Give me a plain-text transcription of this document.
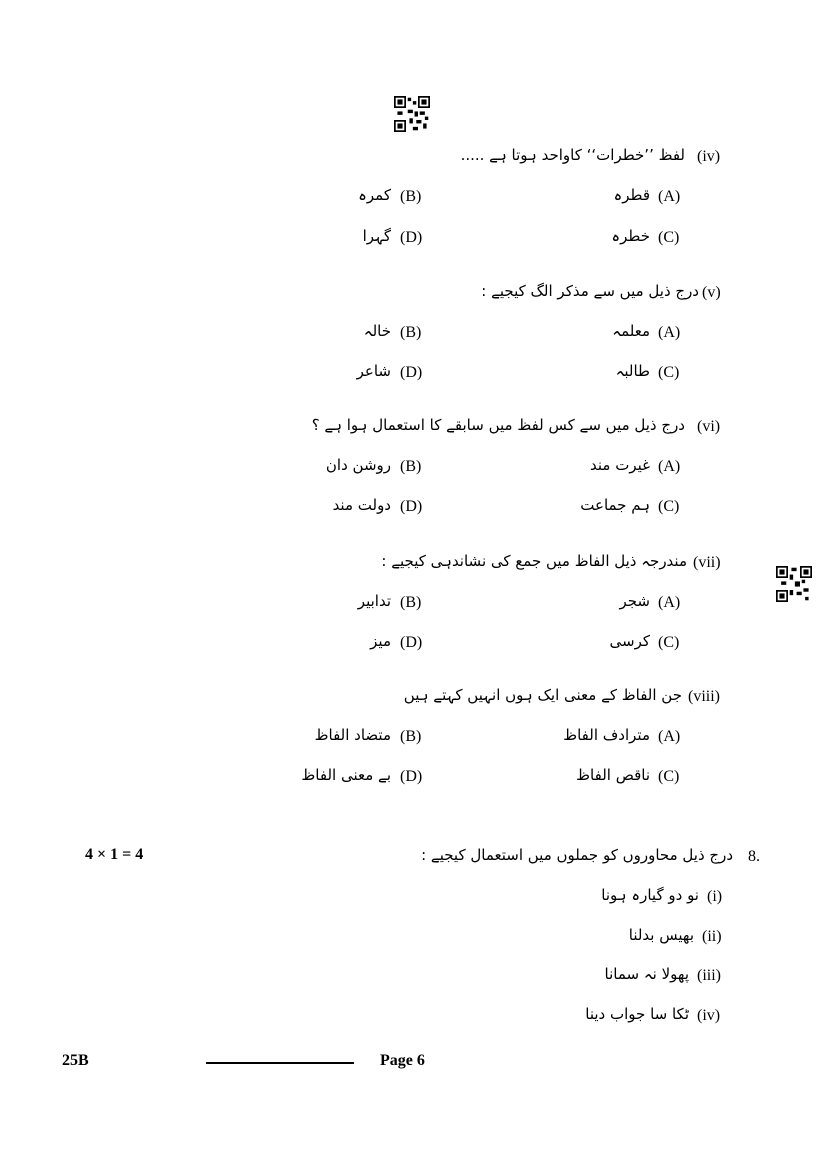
(iv)
لفظ ’’خطرات‘‘ کاواحد ہوتا ہے .....
(A)
قطرہ
(B)
کمرہ
(C)
خطرہ
(D)
گہرا
(v)
درج ذیل میں سے مذکر الگ کیجیے :
(A)
معلمہ
(B)
خالہ
(C)
طالبہ
(D)
شاعر
(vi)
درج ذیل میں سے کس لفظ میں سابقے کا استعمال ہوا ہے ؟
(A)
غیرت مند
(B)
روشن دان
(C)
ہم جماعت
(D)
دولت مند
(vii)
مندرجہ ذیل الفاظ میں جمع کی نشاندہی کیجیے :
(A)
شجر
(B)
تدابیر
(C)
کرسی
(D)
میز
(viii)
جن الفاظ کے معنی ایک ہوں انہیں کہتے ہیں
(A)
مترادف الفاظ
(B)
متضاد الفاظ
(C)
ناقص الفاظ
(D)
بے معنی الفاظ
8.
درج ذیل محاوروں کو جملوں میں استعمال کیجیے :
4 × 1 = 4
(i)
نو دو گیارہ ہونا
(ii)
بھیس بدلنا
(iii)
پھولا نہ سمانا
(iv)
ٹکا سا جواب دینا
25B	Page 6
